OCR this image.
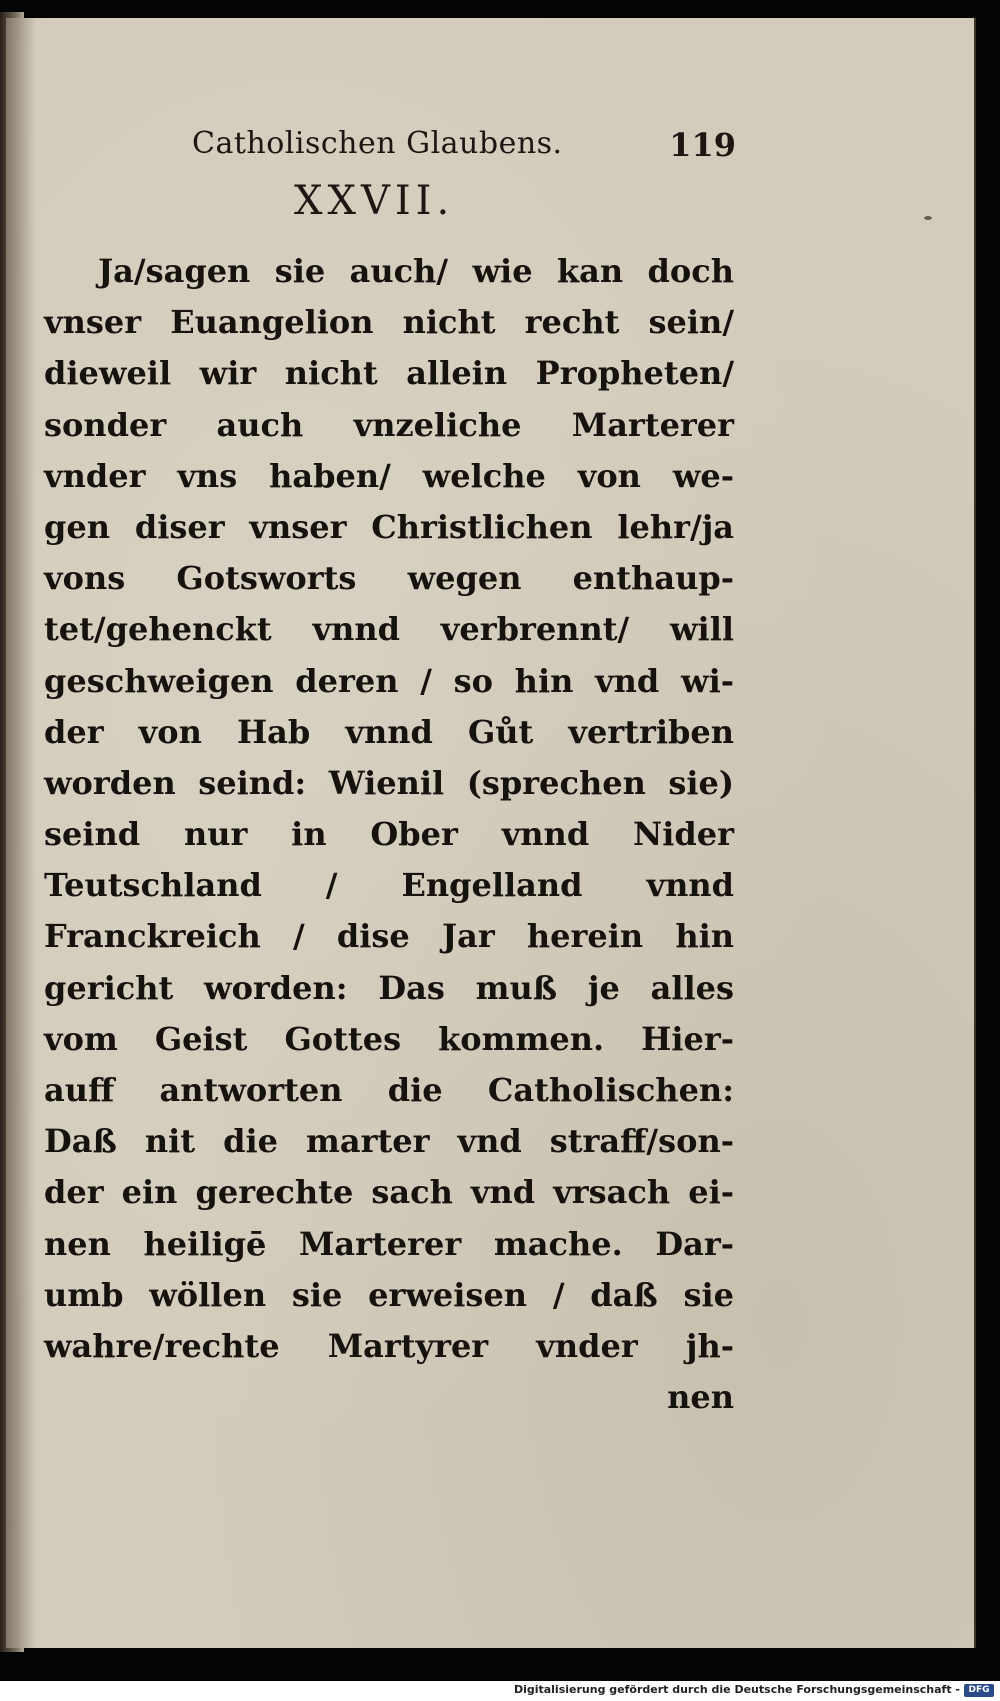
Catholischen Glaubens.	119
XXVII.
Ja/sagen sie auch/ wie kan doch
vnser Euangelion nicht recht sein/
dieweil wir nicht allein Propheten/
sonder auch vnzeliche Marterer
vnder vns haben/ welche von we-
gen diser vnser Christlichen lehr/ja
vons Gotsworts wegen enthaup-
tet/gehenckt vnnd verbrennt/ will
geschweigen deren / so hin vnd wi-
der von Hab vnnd Gůt vertriben
worden seind: Wienil (sprechen sie)
seind nur in Ober vnnd Nider
Teutschland / Engelland vnnd
Franckreich / dise Jar herein hin
gericht worden: Das muß je alles
vom Geist Gottes kommen. Hier-
auff antworten die Catholischen:
Daß nit die marter vnd straff/son-
der ein gerechte sach vnd vrsach ei-
nen heiligē Marterer mache. Dar-
umb wöllen sie erweisen / daß sie
wahre/rechte Martyrer vnder jh-
nen
Digitalisierung gefördert durch die Deutsche Forschungsgemeinschaft - DFG
